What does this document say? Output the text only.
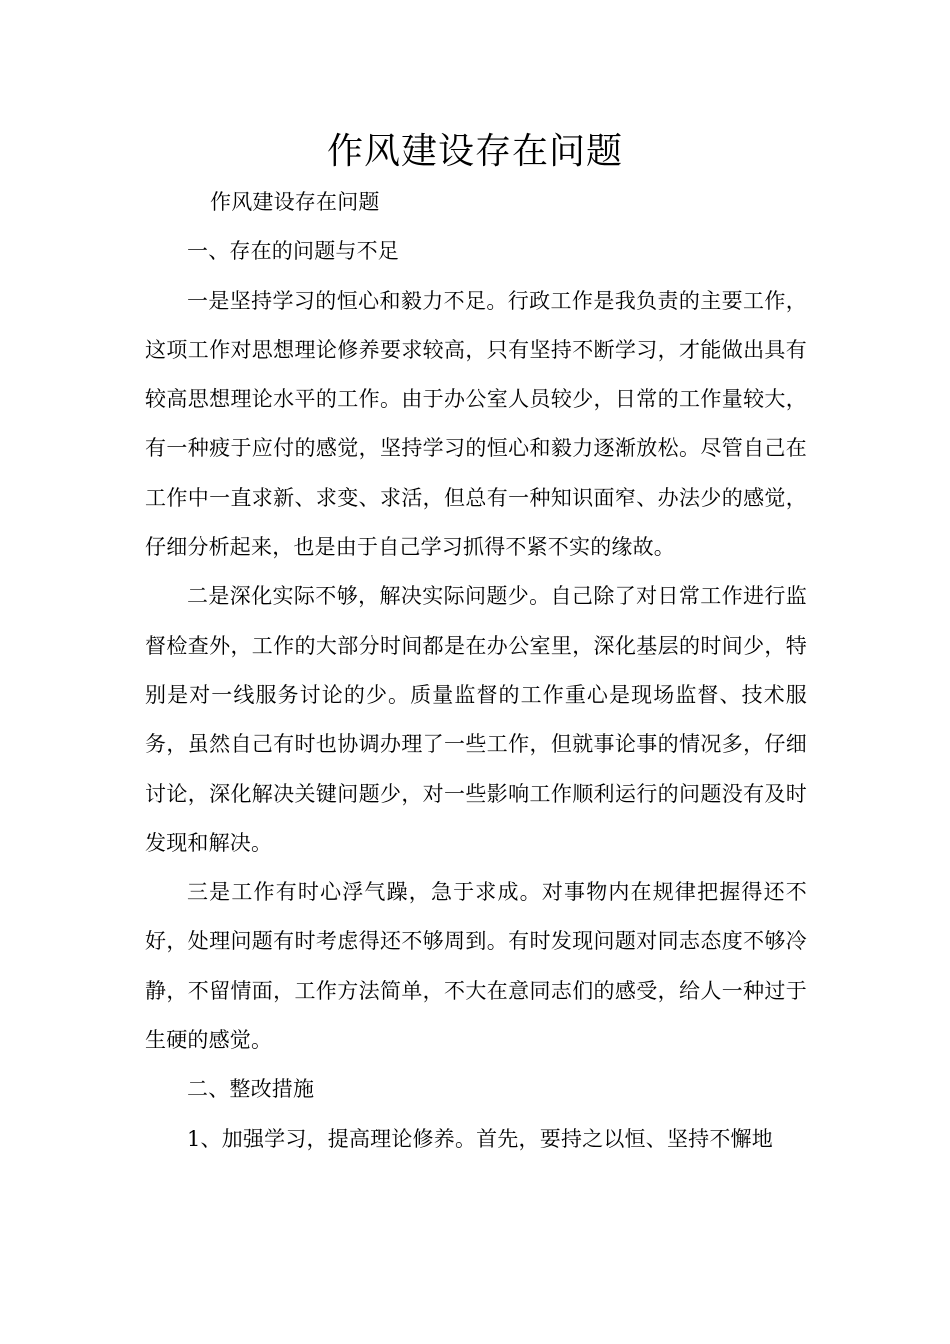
作风建设存在问题

作风建设存在问题

一、存在的问题与不足

一是坚持学习的恒心和毅力不足。行政工作是我负责的主要工作，这项工作对思想理论修养要求较高，只有坚持不断学习，才能做出具有较高思想理论水平的工作。由于办公室人员较少，日常的工作量较大，有一种疲于应付的感觉，坚持学习的恒心和毅力逐渐放松。尽管自己在工作中一直求新、求变、求活，但总有一种知识面窄、办法少的感觉，仔细分析起来，也是由于自己学习抓得不紧不实的缘故。

二是深化实际不够，解决实际问题少。自己除了对日常工作进行监督检查外，工作的大部分时间都是在办公室里，深化基层的时间少，特别是对一线服务讨论的少。质量监督的工作重心是现场监督、技术服务，虽然自己有时也协调办理了一些工作，但就事论事的情况多，仔细讨论，深化解决关键问题少，对一些影响工作顺利运行的问题没有及时发现和解决。

三是工作有时心浮气躁，急于求成。对事物内在规律把握得还不好，处理问题有时考虑得还不够周到。有时发现问题对同志态度不够冷静，不留情面，工作方法简单，不大在意同志们的感受，给人一种过于生硬的感觉。

二、整改措施

1、加强学习，提高理论修养。首先，要持之以恒、坚持不懈地
